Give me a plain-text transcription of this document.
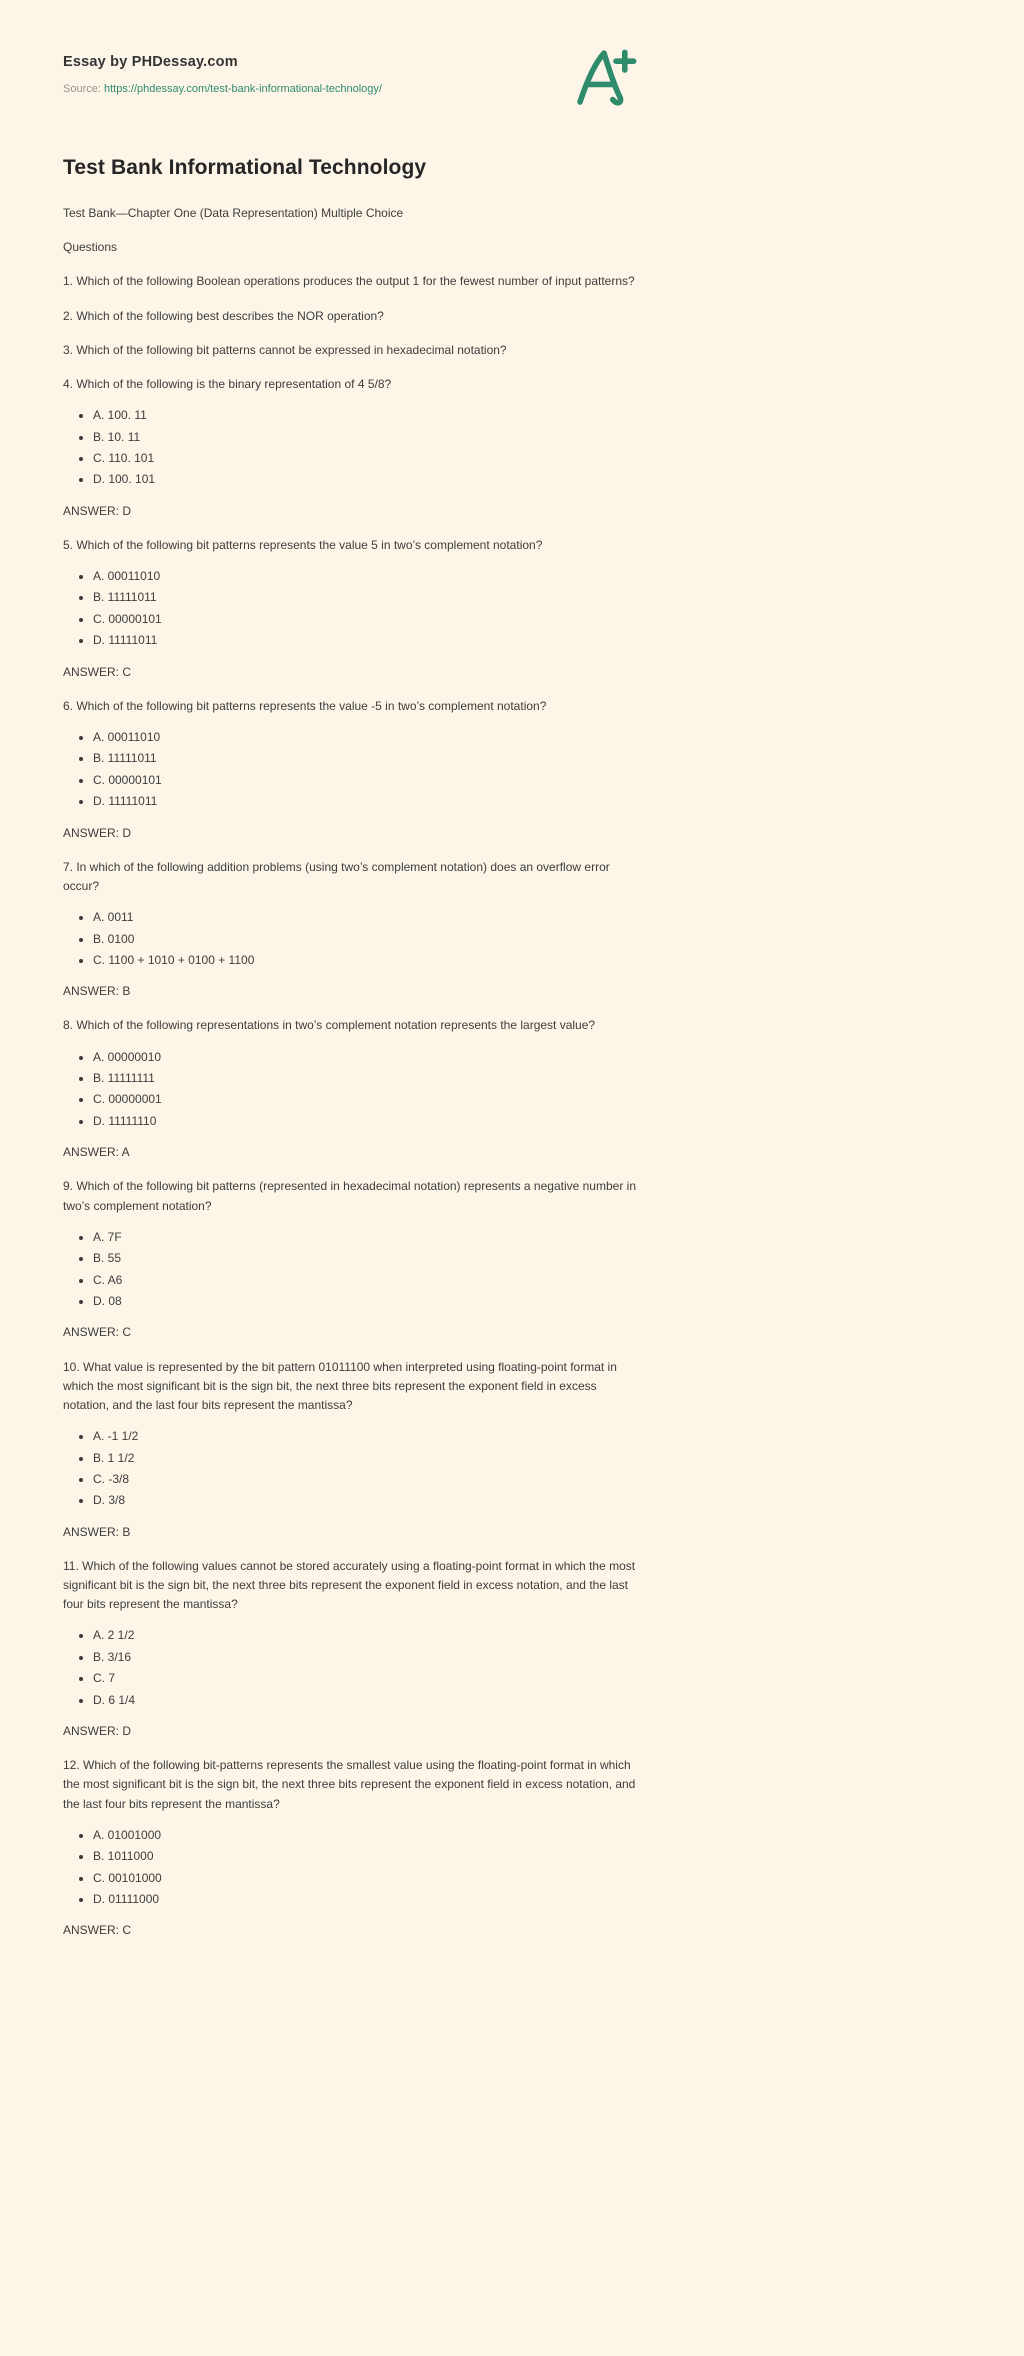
Essay by PHDessay.com

Source: https://phdessay.com/test-bank-informational-technology/

Test Bank Informational Technology

Test Bank—Chapter One (Data Representation) Multiple Choice

Questions

1. Which of the following Boolean operations produces the output 1 for the fewest number of input patterns?

2. Which of the following best describes the NOR operation?

3. Which of the following bit patterns cannot be expressed in hexadecimal notation?

4. Which of the following is the binary representation of 4 5/8?

• A. 100. 11
• B. 10. 11
• C. 110. 101
• D. 100. 101

ANSWER: D

5. Which of the following bit patterns represents the value 5 in two’s complement notation?

• A. 00011010
• B. 11111011
• C. 00000101
• D. 11111011

ANSWER: C

6. Which of the following bit patterns represents the value -5 in two’s complement notation?

• A. 00011010
• B. 11111011
• C. 00000101
• D. 11111011

ANSWER: D

7. In which of the following addition problems (using two’s complement notation) does an overflow error occur?

• A. 0011
• B. 0100
• C. 1100 + 1010 + 0100 + 1100

ANSWER: B

8. Which of the following representations in two’s complement notation represents the largest value?

• A. 00000010
• B. 11111111
• C. 00000001
• D. 11111110

ANSWER: A

9. Which of the following bit patterns (represented in hexadecimal notation) represents a negative number in two’s complement notation?

• A. 7F
• B. 55
• C. A6
• D. 08

ANSWER: C

10. What value is represented by the bit pattern 01011100 when interpreted using floating-point format in which the most significant bit is the sign bit, the next three bits represent the exponent field in excess notation, and the last four bits represent the mantissa?

• A. -1 1/2
• B. 1 1/2
• C. -3/8
• D. 3/8

ANSWER: B

11. Which of the following values cannot be stored accurately using a floating-point format in which the most significant bit is the sign bit, the next three bits represent the exponent field in excess notation, and the last four bits represent the mantissa?

• A. 2 1/2
• B. 3/16
• C. 7
• D. 6 1/4

ANSWER: D

12. Which of the following bit-patterns represents the smallest value using the floating-point format in which the most significant bit is the sign bit, the next three bits represent the exponent field in excess notation, and the last four bits represent the mantissa?

• A. 01001000
• B. 1011000
• C. 00101000
• D. 01111000

ANSWER: C
